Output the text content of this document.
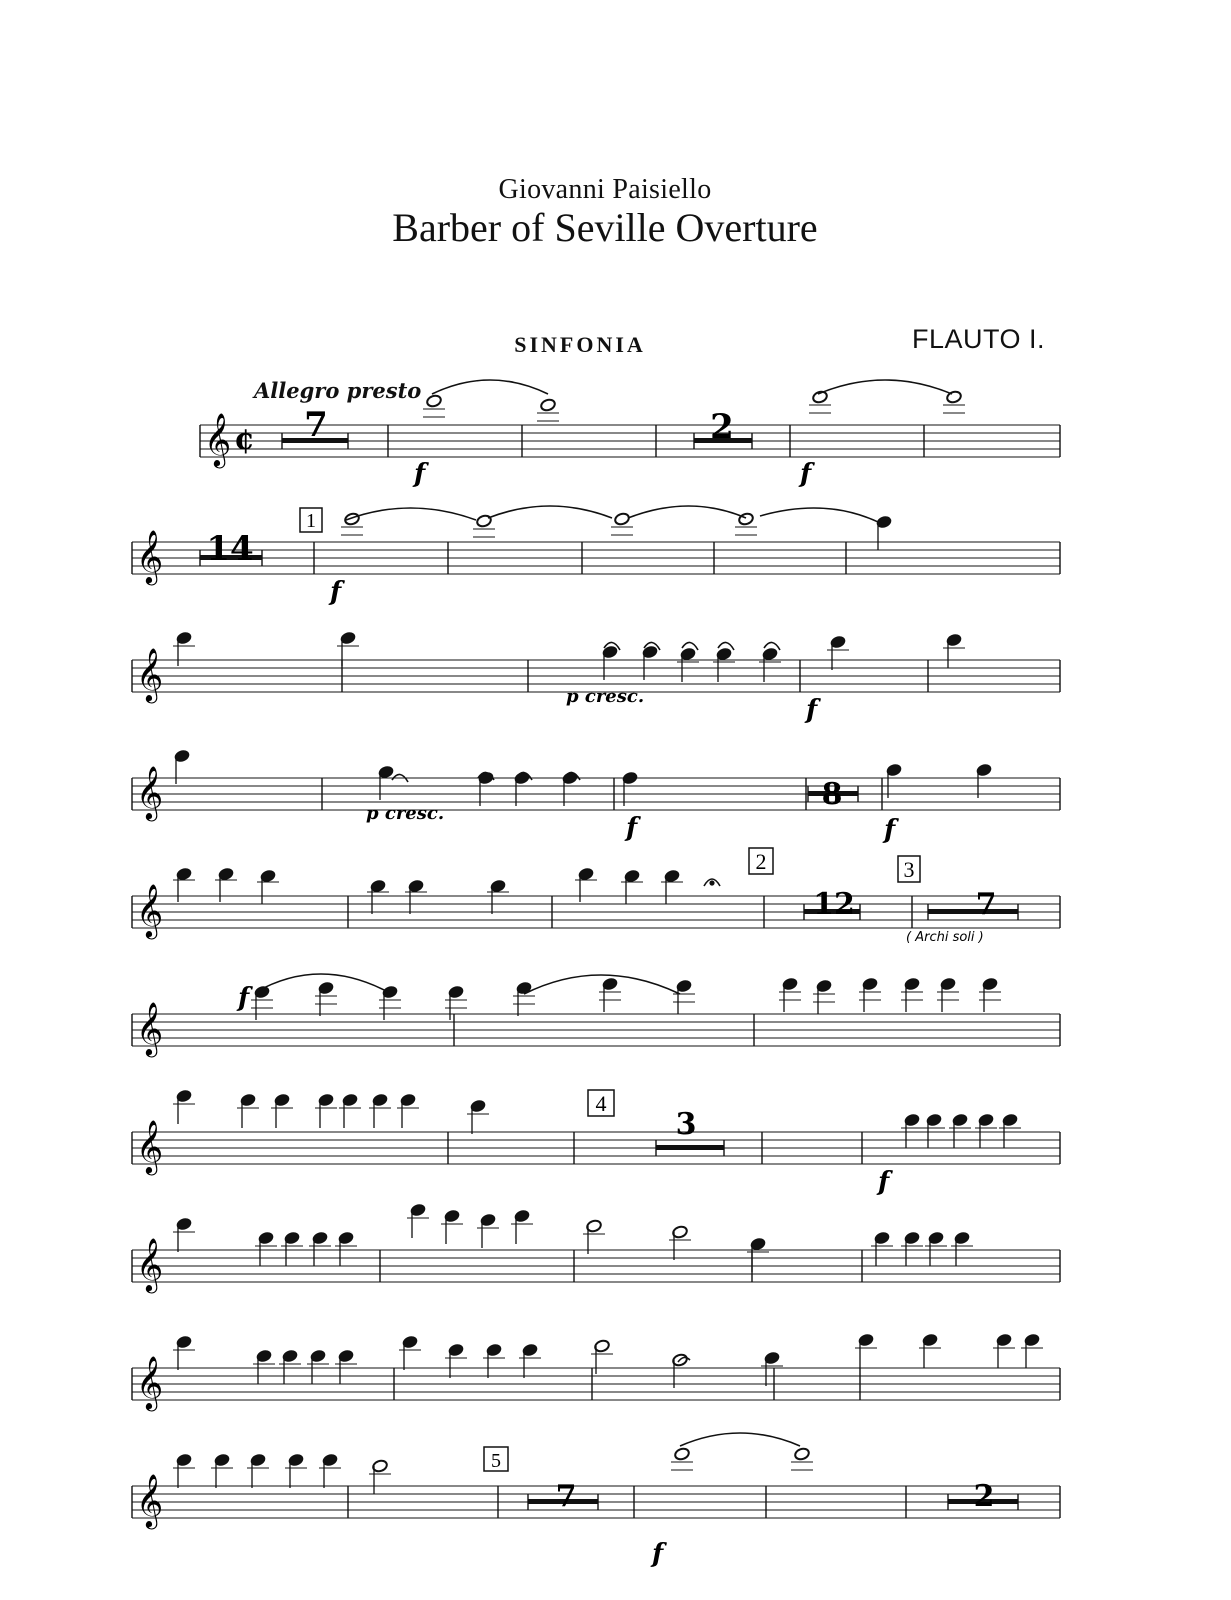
Giovanni Paisiello
Barber of Seville Overture
SINFONIA	FLAUTO I.
Allegro presto
𝄞 ¢
𝄞
𝄞
𝄞
𝄞
𝄞
𝄞
𝄞
𝄞
𝄞
7	2
14
8
12	7
3
7	2
1
2	3
4
5
f	f
f
p cresc.	f
p cresc.	f	f
f
f
f
( Archi soli )
